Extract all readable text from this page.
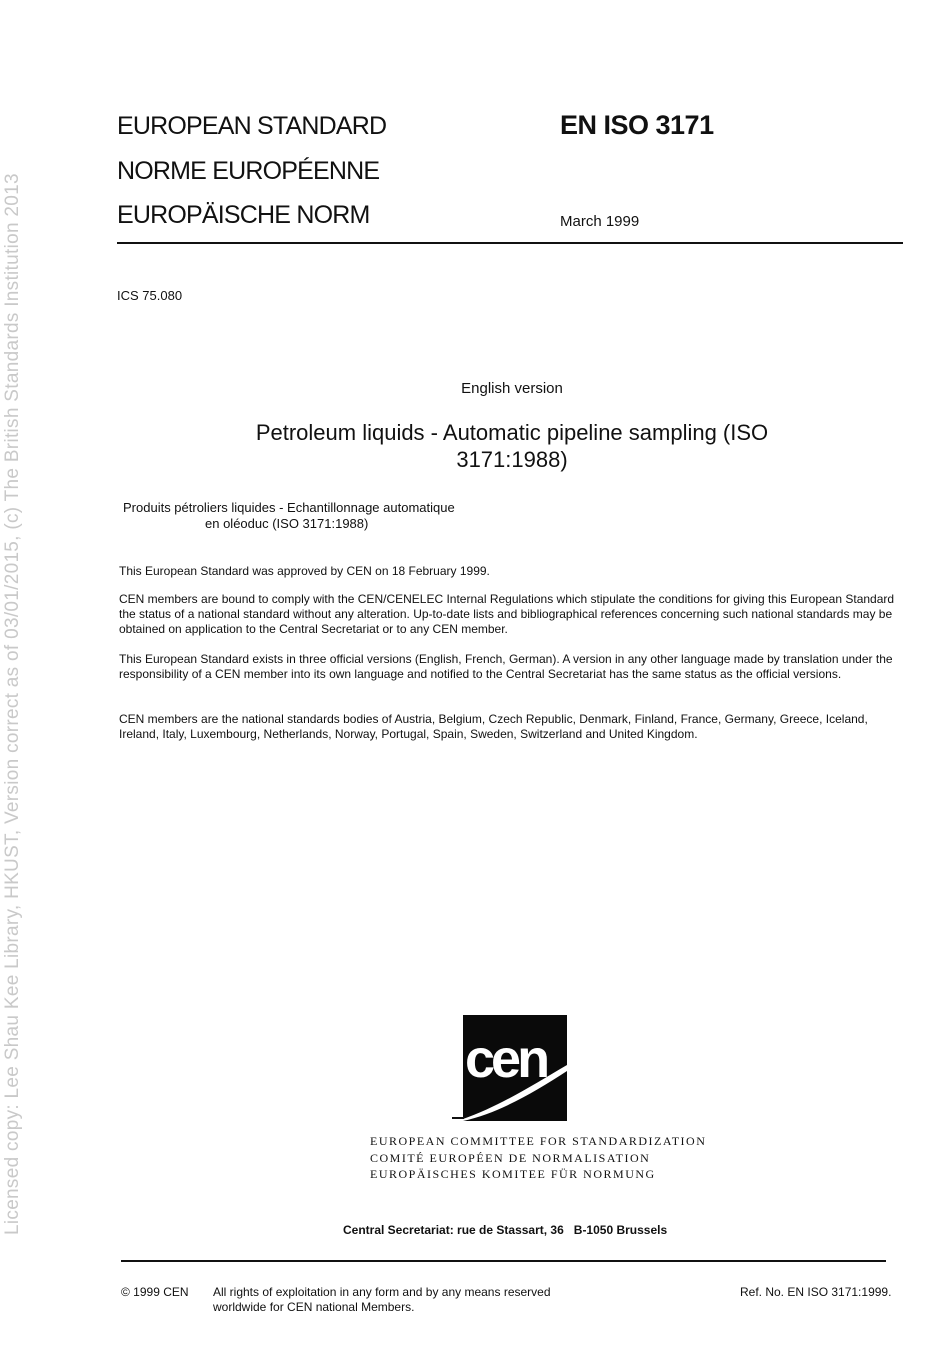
Licensed copy: Lee Shau Kee Library, HKUST, Version correct as of 03/01/2015, (c) The British Standards Institution 2013
EUROPEAN STANDARD
NORME EUROPÉENNE
EUROPÄISCHE NORM
EN ISO 3171
March 1999
ICS 75.080
English version
Petroleum liquids - Automatic pipeline sampling (ISO
3171:1988)
Produits pétroliers liquides - Echantillonnage automatique
en oléoduc (ISO 3171:1988)
This European Standard was approved by CEN on 18 February 1999.
CEN members are bound to comply with the CEN/CENELEC Internal Regulations which stipulate the conditions for giving this European Standard the status of a national standard without any alteration. Up-to-date lists and bibliographical references concerning such national standards may be obtained on application to the Central Secretariat or to any CEN member.
This European Standard exists in three official versions (English, French, German). A version in any other language made by translation under the responsibility of a CEN member into its own language and notified to the Central Secretariat has the same status as the official versions.
CEN members are the national standards bodies of Austria, Belgium, Czech Republic, Denmark, Finland, France, Germany, Greece, Iceland, Ireland, Italy, Luxembourg, Netherlands, Norway, Portugal, Spain, Sweden, Switzerland and United Kingdom.
cen
EUROPEAN COMMITTEE FOR STANDARDIZATION
COMITÉ EUROPÉEN DE NORMALISATION
EUROPÄISCHES KOMITEE FÜR NORMUNG
Central Secretariat: rue de Stassart, 36   B-1050 Brussels
© 1999 CEN All rights of exploitation in any form and by any means reserved
worldwide for CEN national Members.
Ref. No. EN ISO 3171:1999.
